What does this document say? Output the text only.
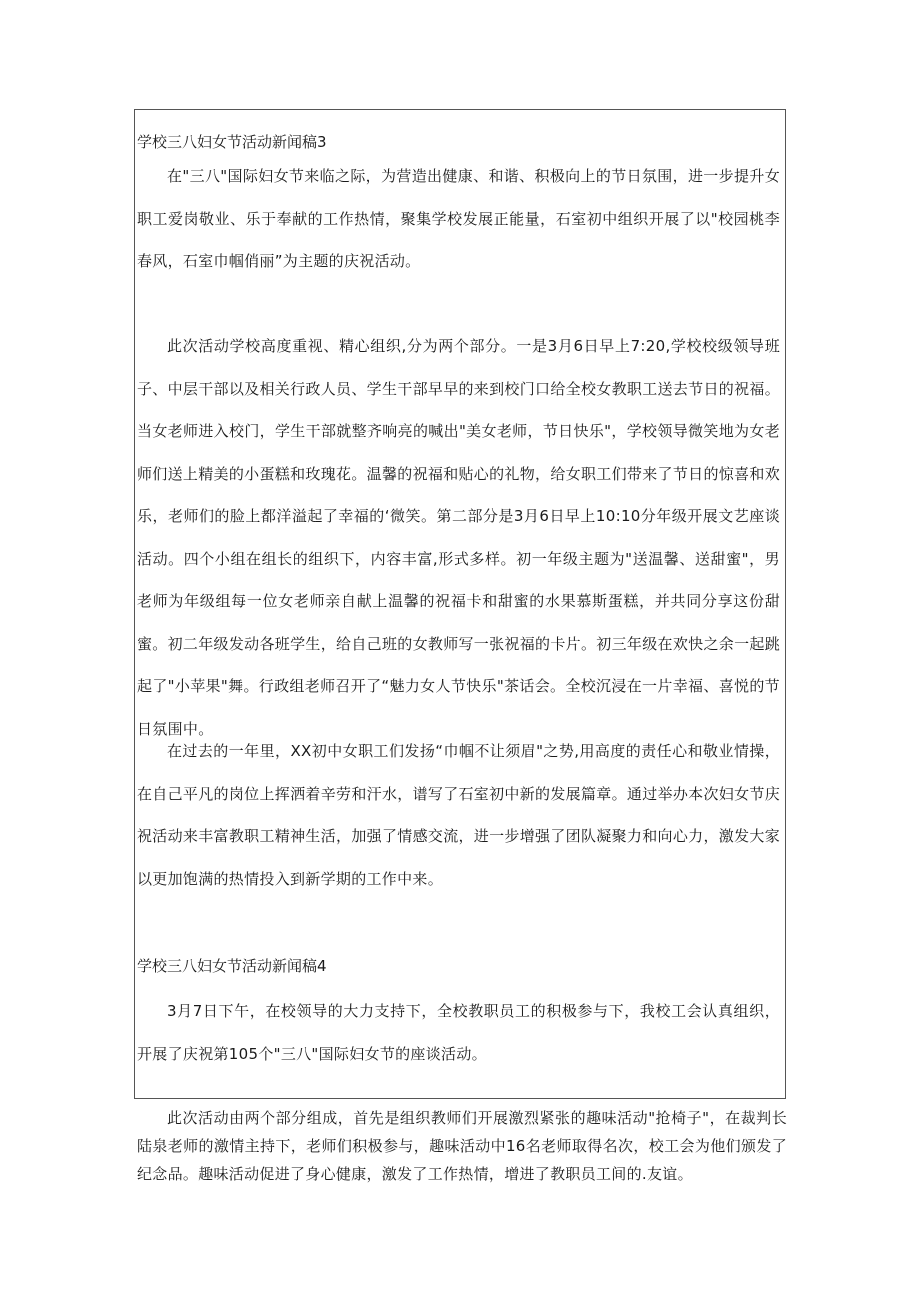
学校三八妇女节活动新闻稿3

在"三八"国际妇女节来临之际，为营造出健康、和谐、积极向上的节日氛围，进一步提升女职工爱岗敬业、乐于奉献的工作热情，聚集学校发展正能量，石室初中组织开展了以"校园桃李春风，石室巾帼俏丽”为主题的庆祝活动。

此次活动学校高度重视、精心组织,分为两个部分。一是3月6日早上7:20,学校校级领导班子、中层干部以及相关行政人员、学生干部早早的来到校门口给全校女教职工送去节日的祝福。当女老师进入校门，学生干部就整齐响亮的喊出"美女老师，节日快乐"，学校领导微笑地为女老师们送上精美的小蛋糕和玫瑰花。温馨的祝福和贴心的礼物，给女职工们带来了节日的惊喜和欢乐，老师们的脸上都洋溢起了幸福的‘微笑。第二部分是3月6日早上10:10分年级开展文艺座谈活动。四个小组在组长的组织下，内容丰富,形式多样。初一年级主题为"送温馨、送甜蜜"，男老师为年级组每一位女老师亲自献上温馨的祝福卡和甜蜜的水果慕斯蛋糕，并共同分享这份甜蜜。初二年级发动各班学生，给自己班的女教师写一张祝福的卡片。初三年级在欢快之余一起跳起了"小苹果"舞。行政组老师召开了“魅力女人节快乐"茶话会。全校沉浸在一片幸福、喜悦的节日氛围中。

在过去的一年里，XX初中女职工们发扬“巾帼不让须眉"之势,用高度的责任心和敬业情操，在自己平凡的岗位上挥洒着辛劳和汗水，谱写了石室初中新的发展篇章。通过举办本次妇女节庆祝活动来丰富教职工精神生活，加强了情感交流，进一步增强了团队凝聚力和向心力，激发大家以更加饱满的热情投入到新学期的工作中来。

学校三八妇女节活动新闻稿4

3月7日下午，在校领导的大力支持下，全校教职员工的积极参与下，我校工会认真组织，开展了庆祝第105个"三八"国际妇女节的座谈活动。

此次活动由两个部分组成，首先是组织教师们开展激烈紧张的趣味活动"抢椅子"，在裁判长陆泉老师的激情主持下，老师们积极参与，趣味活动中16名老师取得名次，校工会为他们颁发了纪念品。趣味活动促进了身心健康，激发了工作热情，增进了教职员工间的.友谊。
